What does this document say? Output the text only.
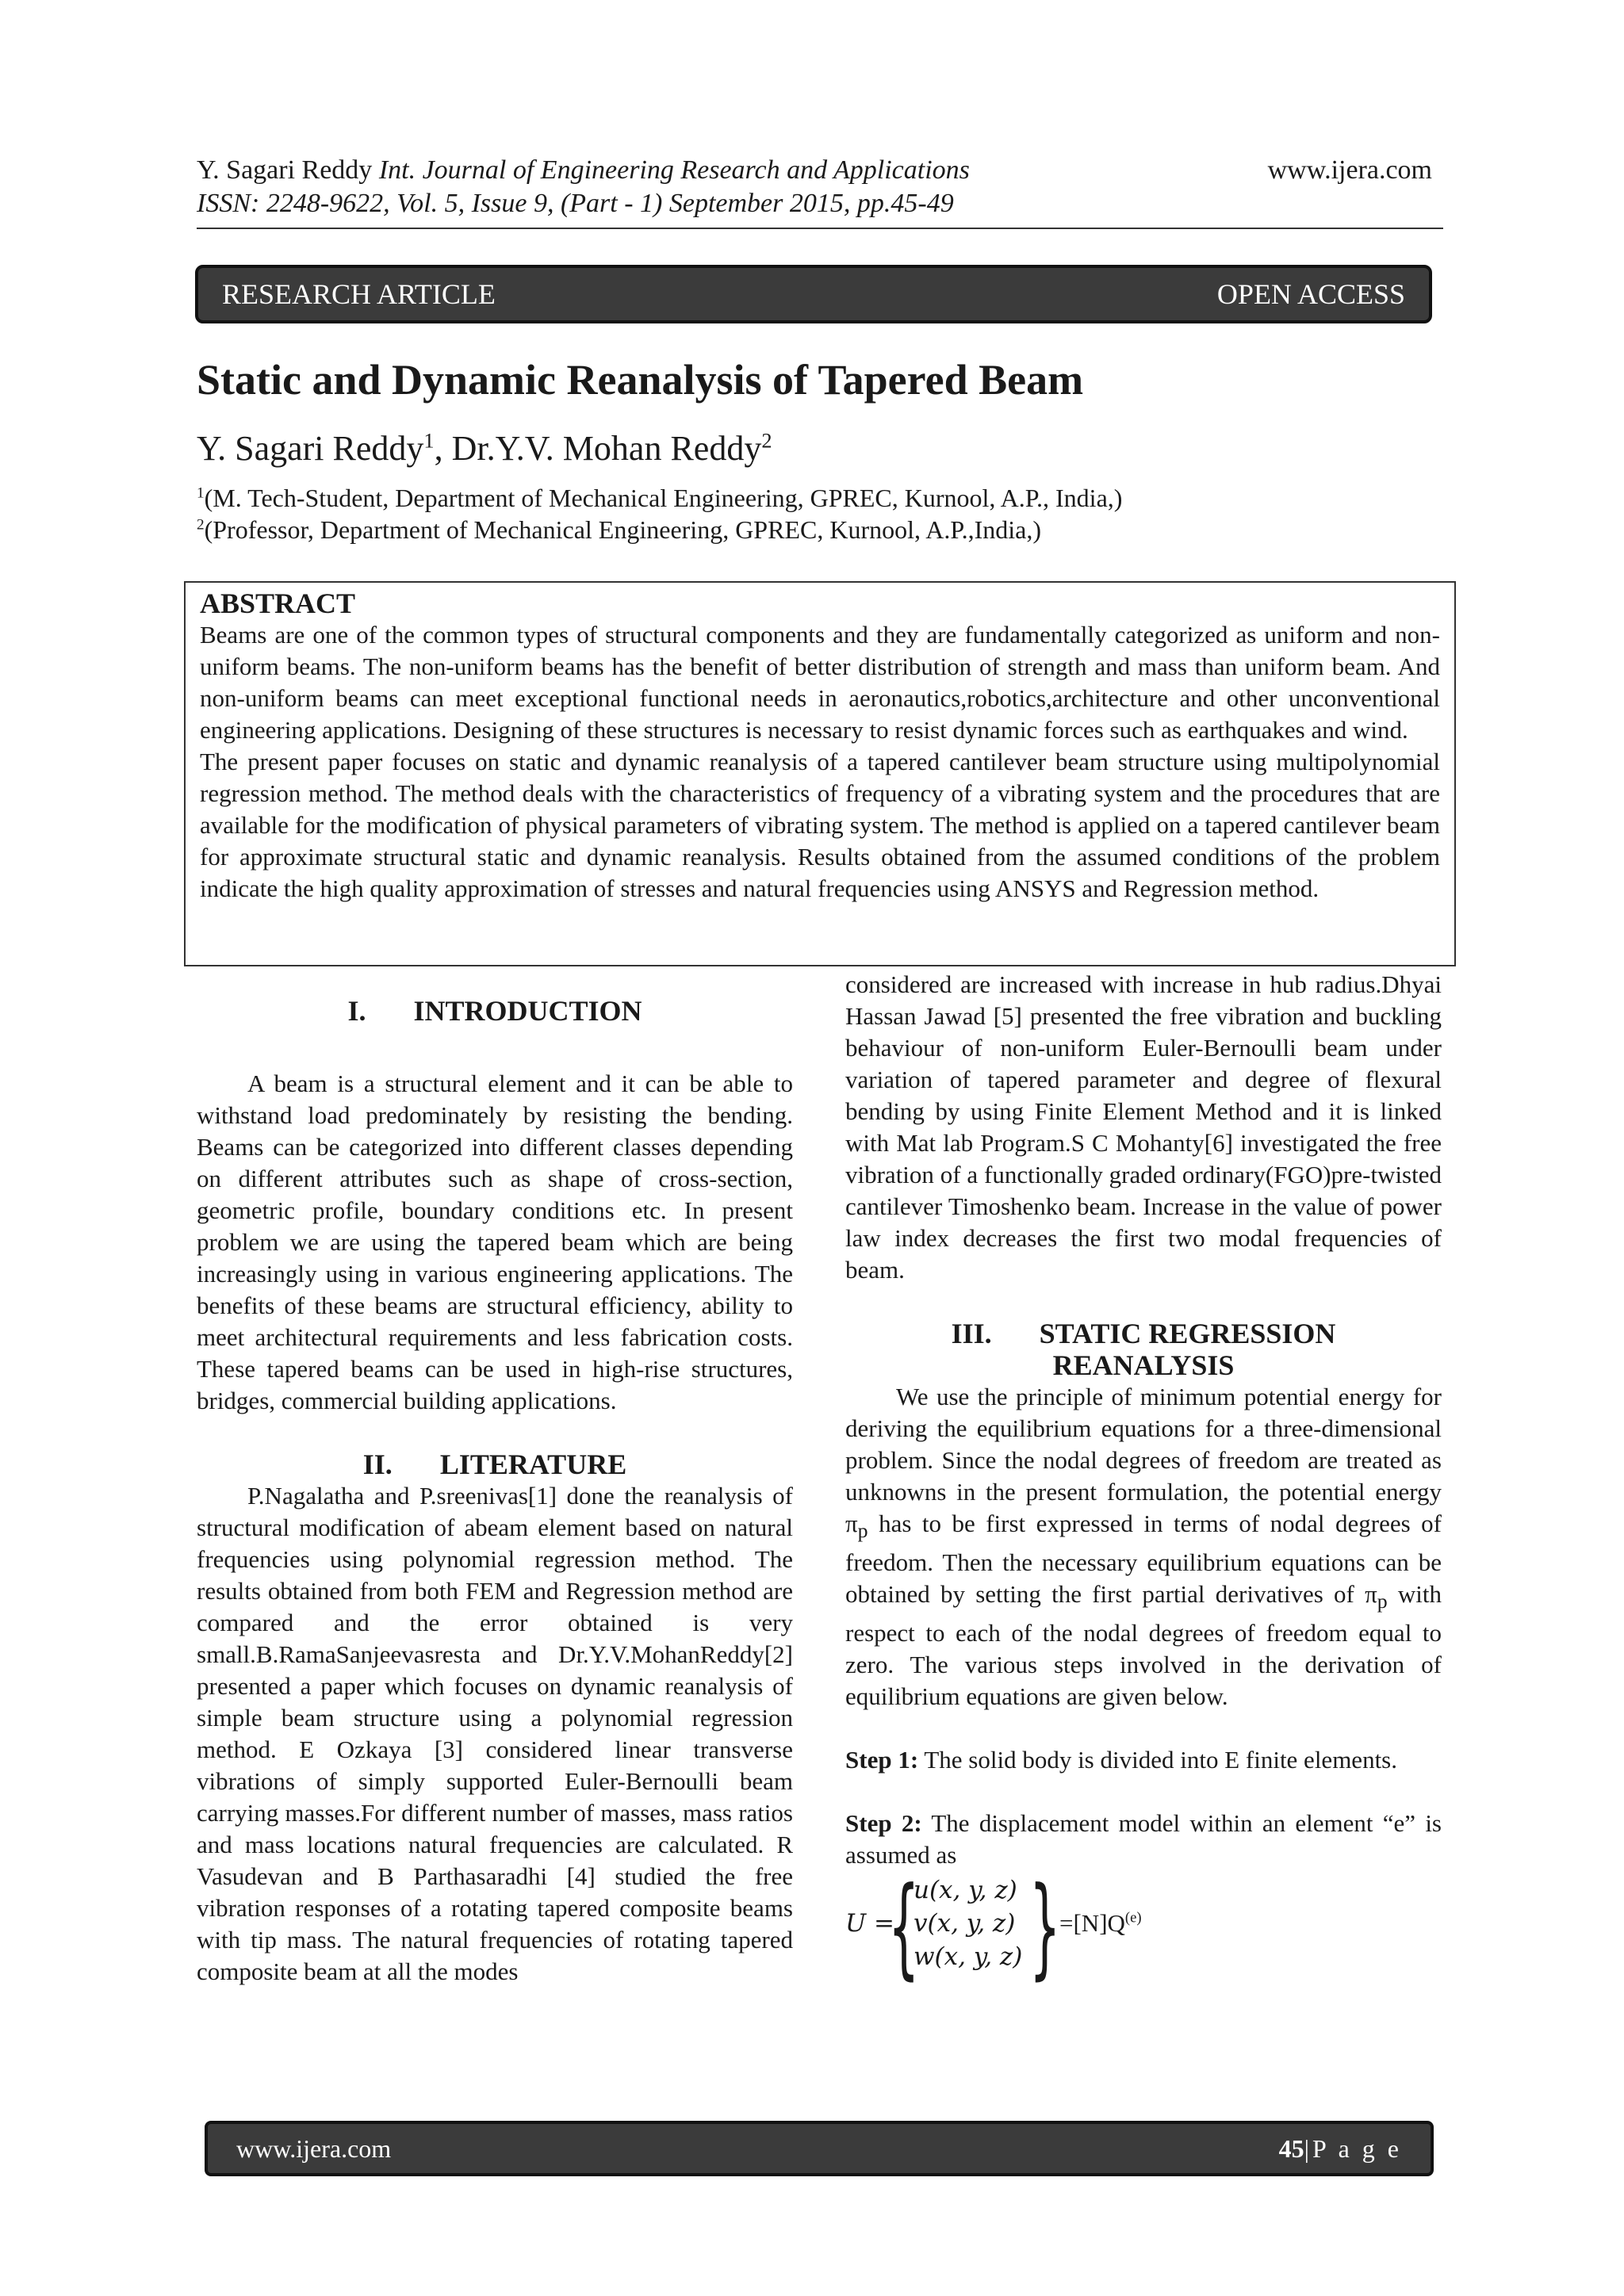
Y. Sagari Reddy Int. Journal of Engineering Research and Applications	www.ijera.com
ISSN: 2248-9622, Vol. 5, Issue 9, (Part - 1) September 2015, pp.45-49
RESEARCH ARTICLE	OPEN ACCESS
Static and Dynamic Reanalysis of Tapered Beam
Y. Sagari Reddy$^1$, Dr.Y.V. Mohan Reddy$^2$
$^1$(M. Tech-Student, Department of Mechanical Engineering, GPREC, Kurnool, A.P., India,)
$^2$(Professor, Department of Mechanical Engineering, GPREC, Kurnool, A.P.,India,)
ABSTRACT

Beams are one of the common types of structural components and they are fundamentally categorized as uniform and non-uniform beams. The non-uniform beams has the benefit of better distribution of strength and mass than uniform beam. And non-uniform beams can meet exceptional functional needs in aeronautics,robotics,architecture and other unconventional engineering applications. Designing of these structures is necessary to resist dynamic forces such as earthquakes and wind.

The present paper focuses on static and dynamic reanalysis of a tapered cantilever beam structure using multipolynomial regression method. The method deals with the characteristics of frequency of a vibrating system and the procedures that are available for the modification of physical parameters of vibrating system. The method is applied on a tapered cantilever beam for approximate structural static and dynamic reanalysis. Results obtained from the assumed conditions of the problem indicate the high quality approximation of stresses and natural frequencies using ANSYS and Regression method.

I. INTRODUCTION

A beam is a structural element and it can be able to withstand load predominately by resisting the bending. Beams can be categorized into different classes depending on different attributes such as shape of cross-section, geometric profile, boundary conditions etc. In present problem we are using the tapered beam which are being increasingly using in various engineering applications. The benefits of these beams are structural efficiency, ability to meet architectural requirements and less fabrication costs. These tapered beams can be used in high-rise structures, bridges, commercial building applications.

II. LITERATURE

P.Nagalatha and P.sreenivas[1] done the reanalysis of structural modification of abeam element based on natural frequencies using polynomial regression method. The results obtained from both FEM and Regression method are compared and the error obtained is very small.B.RamaSanjeevasresta and Dr.Y.V.MohanReddy[2] presented a paper which focuses on dynamic reanalysis of simple beam structure using a polynomial regression method. E Ozkaya [3] considered linear transverse vibrations of simply supported Euler-Bernoulli beam carrying masses.For different number of masses, mass ratios and mass locations natural frequencies are calculated. R Vasudevan and B Parthasaradhi [4] studied the free vibration responses of a rotating tapered composite beams with tip mass. The natural frequencies of rotating tapered composite beam at all the modes

considered are increased with increase in hub radius.Dhyai Hassan Jawad [5] presented the free vibration and buckling behaviour of non-uniform Euler-Bernoulli beam under variation of tapered parameter and degree of flexural bending by using Finite Element Method and it is linked with Mat lab Program.S C Mohanty[6] investigated the free vibration of a functionally graded ordinary(FGO)pre-twisted cantilever Timoshenko beam. Increase in the value of power law index decreases the first two modal frequencies of beam.

III. STATIC REGRESSION

REANALYSIS

We use the principle of minimum potential energy for deriving the equilibrium equations for a three-dimensional problem. Since the nodal degrees of freedom are treated as unknowns in the present formulation, the potential energy $\pi_p$ has to be first expressed in terms of nodal degrees of freedom. Then the necessary equilibrium equations can be obtained by setting the first partial derivatives of $\pi_p$ with respect to each of the nodal degrees of freedom equal to zero. The various steps involved in the derivation of equilibrium equations are given below.

Step 1: The solid body is divided into E finite elements.

Step 2: The displacement model within an element “e” is assumed as

U =
{
u(x, y, z)
v(x, y, z)
w(x, y, z) }
$=[N]Q^{(e)}$
www.ijera.com	45|P a g e
